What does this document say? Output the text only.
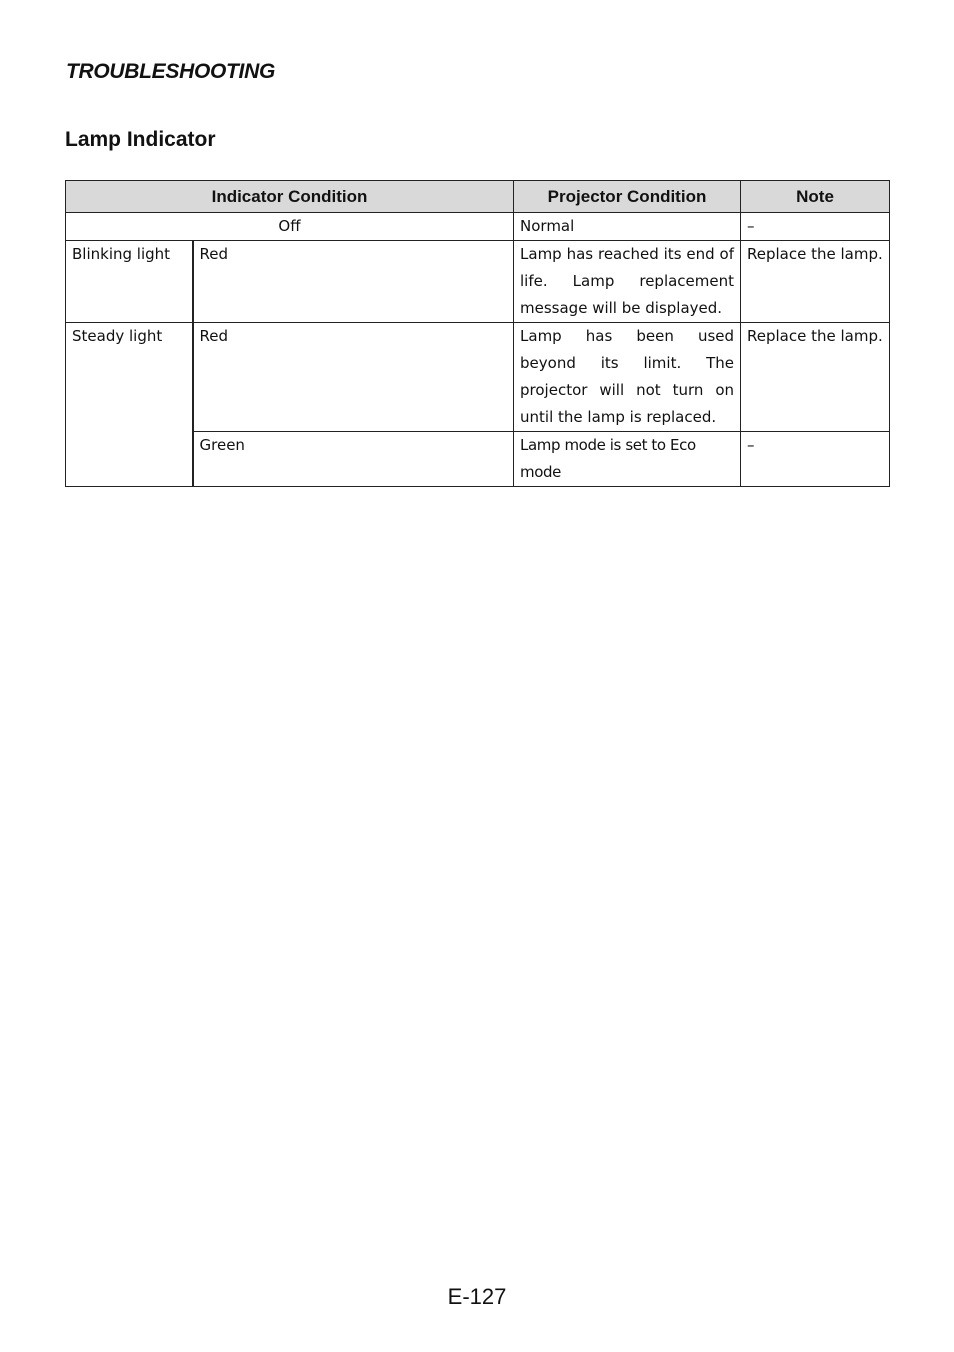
TROUBLESHOOTING
Lamp Indicator
Indicator Condition		Projector Condition	Note
Off		Normal	–
Blinking light	Red	Lamp has reached its end of life. Lamp replacement message will be displayed.	Replace the lamp.
Steady light	Red	Lamp has been used beyond its limit. The projector will not turn on until the lamp is replaced.	Replace the lamp.
	Green	Lamp mode is set to Eco mode	–
E-127
